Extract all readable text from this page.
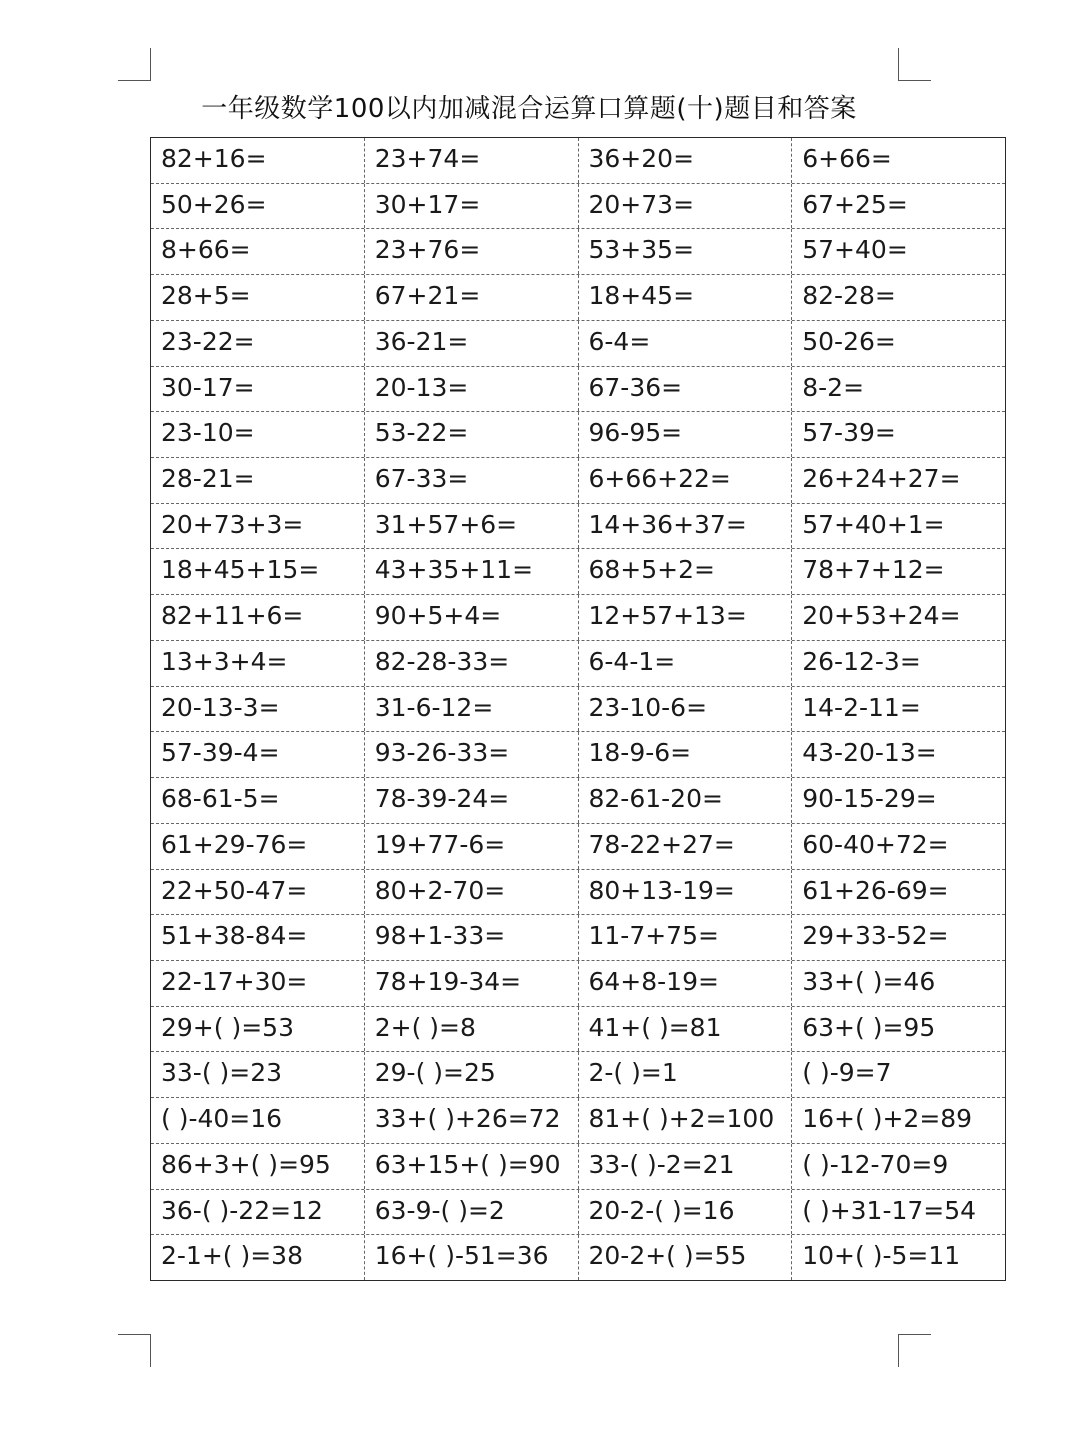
一年级数学100以内加减混合运算口算题(十)题目和答案
82+16=	23+74=	36+20=	6+66=
50+26=	30+17=	20+73=	67+25=
8+66=	23+76=	53+35=	57+40=
28+5=	67+21=	18+45=	82-28=
23-22=	36-21=	6-4=	50-26=
30-17=	20-13=	67-36=	8-2=
23-10=	53-22=	96-95=	57-39=
28-21=	67-33=	6+66+22=	26+24+27=
20+73+3=	31+57+6=	14+36+37=	57+40+1=
18+45+15=	43+35+11=	68+5+2=	78+7+12=
82+11+6=	90+5+4=	12+57+13=	20+53+24=
13+3+4=	82-28-33=	6-4-1=	26-12-3=
20-13-3=	31-6-12=	23-10-6=	14-2-11=
57-39-4=	93-26-33=	18-9-6=	43-20-13=
68-61-5=	78-39-24=	82-61-20=	90-15-29=
61+29-76=	19+77-6=	78-22+27=	60-40+72=
22+50-47=	80+2-70=	80+13-19=	61+26-69=
51+38-84=	98+1-33=	11-7+75=	29+33-52=
22-17+30=	78+19-34=	64+8-19=	33+( )=46
29+( )=53	2+( )=8	41+( )=81	63+( )=95
33-( )=23	29-( )=25	2-( )=1	( )-9=7
( )-40=16	33+( )+26=72	81+( )+2=100	16+( )+2=89
86+3+( )=95	63+15+( )=90	33-( )-2=21	( )-12-70=9
36-( )-22=12	63-9-( )=2	20-2-( )=16	( )+31-17=54
2-1+( )=38	16+( )-51=36	20-2+( )=55	10+( )-5=11
